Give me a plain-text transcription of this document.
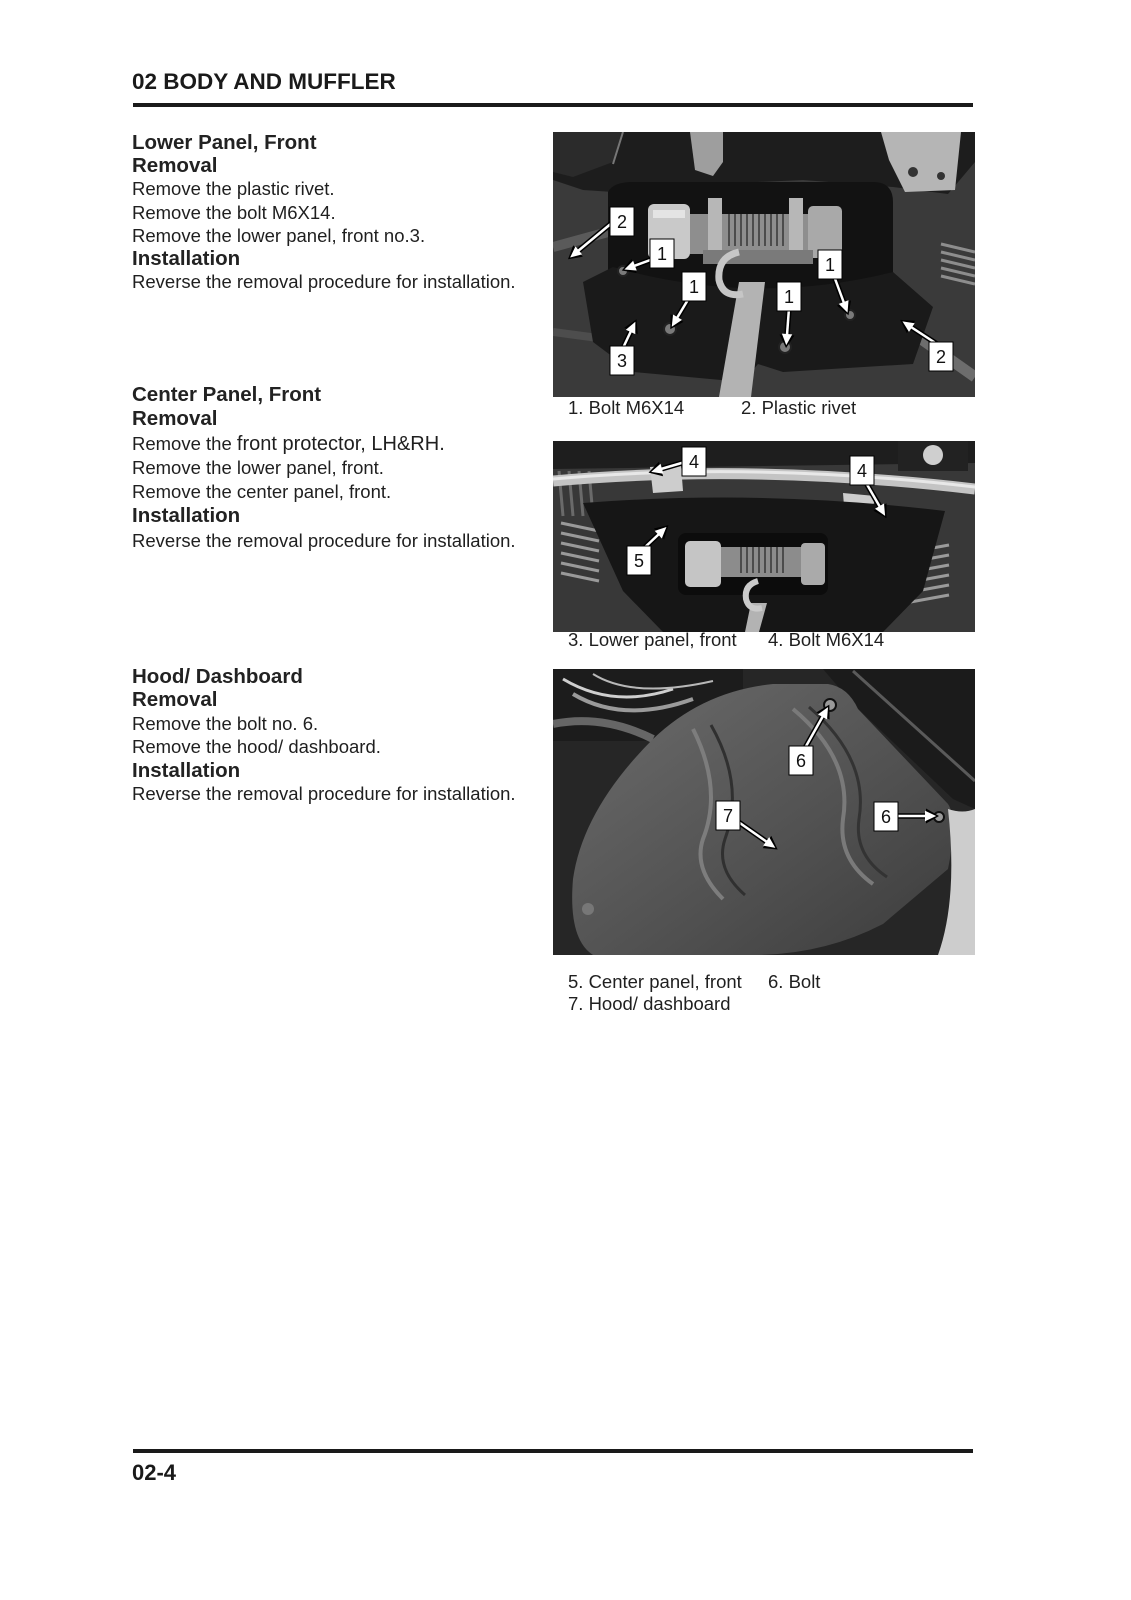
02 BODY AND MUFFLER
Lower Panel, Front
Removal
Remove the plastic rivet.
Remove the bolt M6X14.
Remove the lower panel, front no.3.
Installation
Reverse the removal procedure for installation.
Center Panel, Front
Removal
Remove the front protector, LH&RH.
Remove the lower panel, front.
Remove the center panel, front.
Installation
Reverse the removal procedure for installation.
Hood/ Dashboard
Removal
Remove the bolt no. 6.
Remove the hood/ dashboard.
Installation
Reverse the removal procedure for installation.
2
1
1
1
1
3	2
1. Bolt M6X14	2. Plastic rivet
4	4
5
3. Lower panel, front 4. Bolt M6X14
6
7	6
5. Center panel, front 6. Bolt
7. Hood/ dashboard
02-4
